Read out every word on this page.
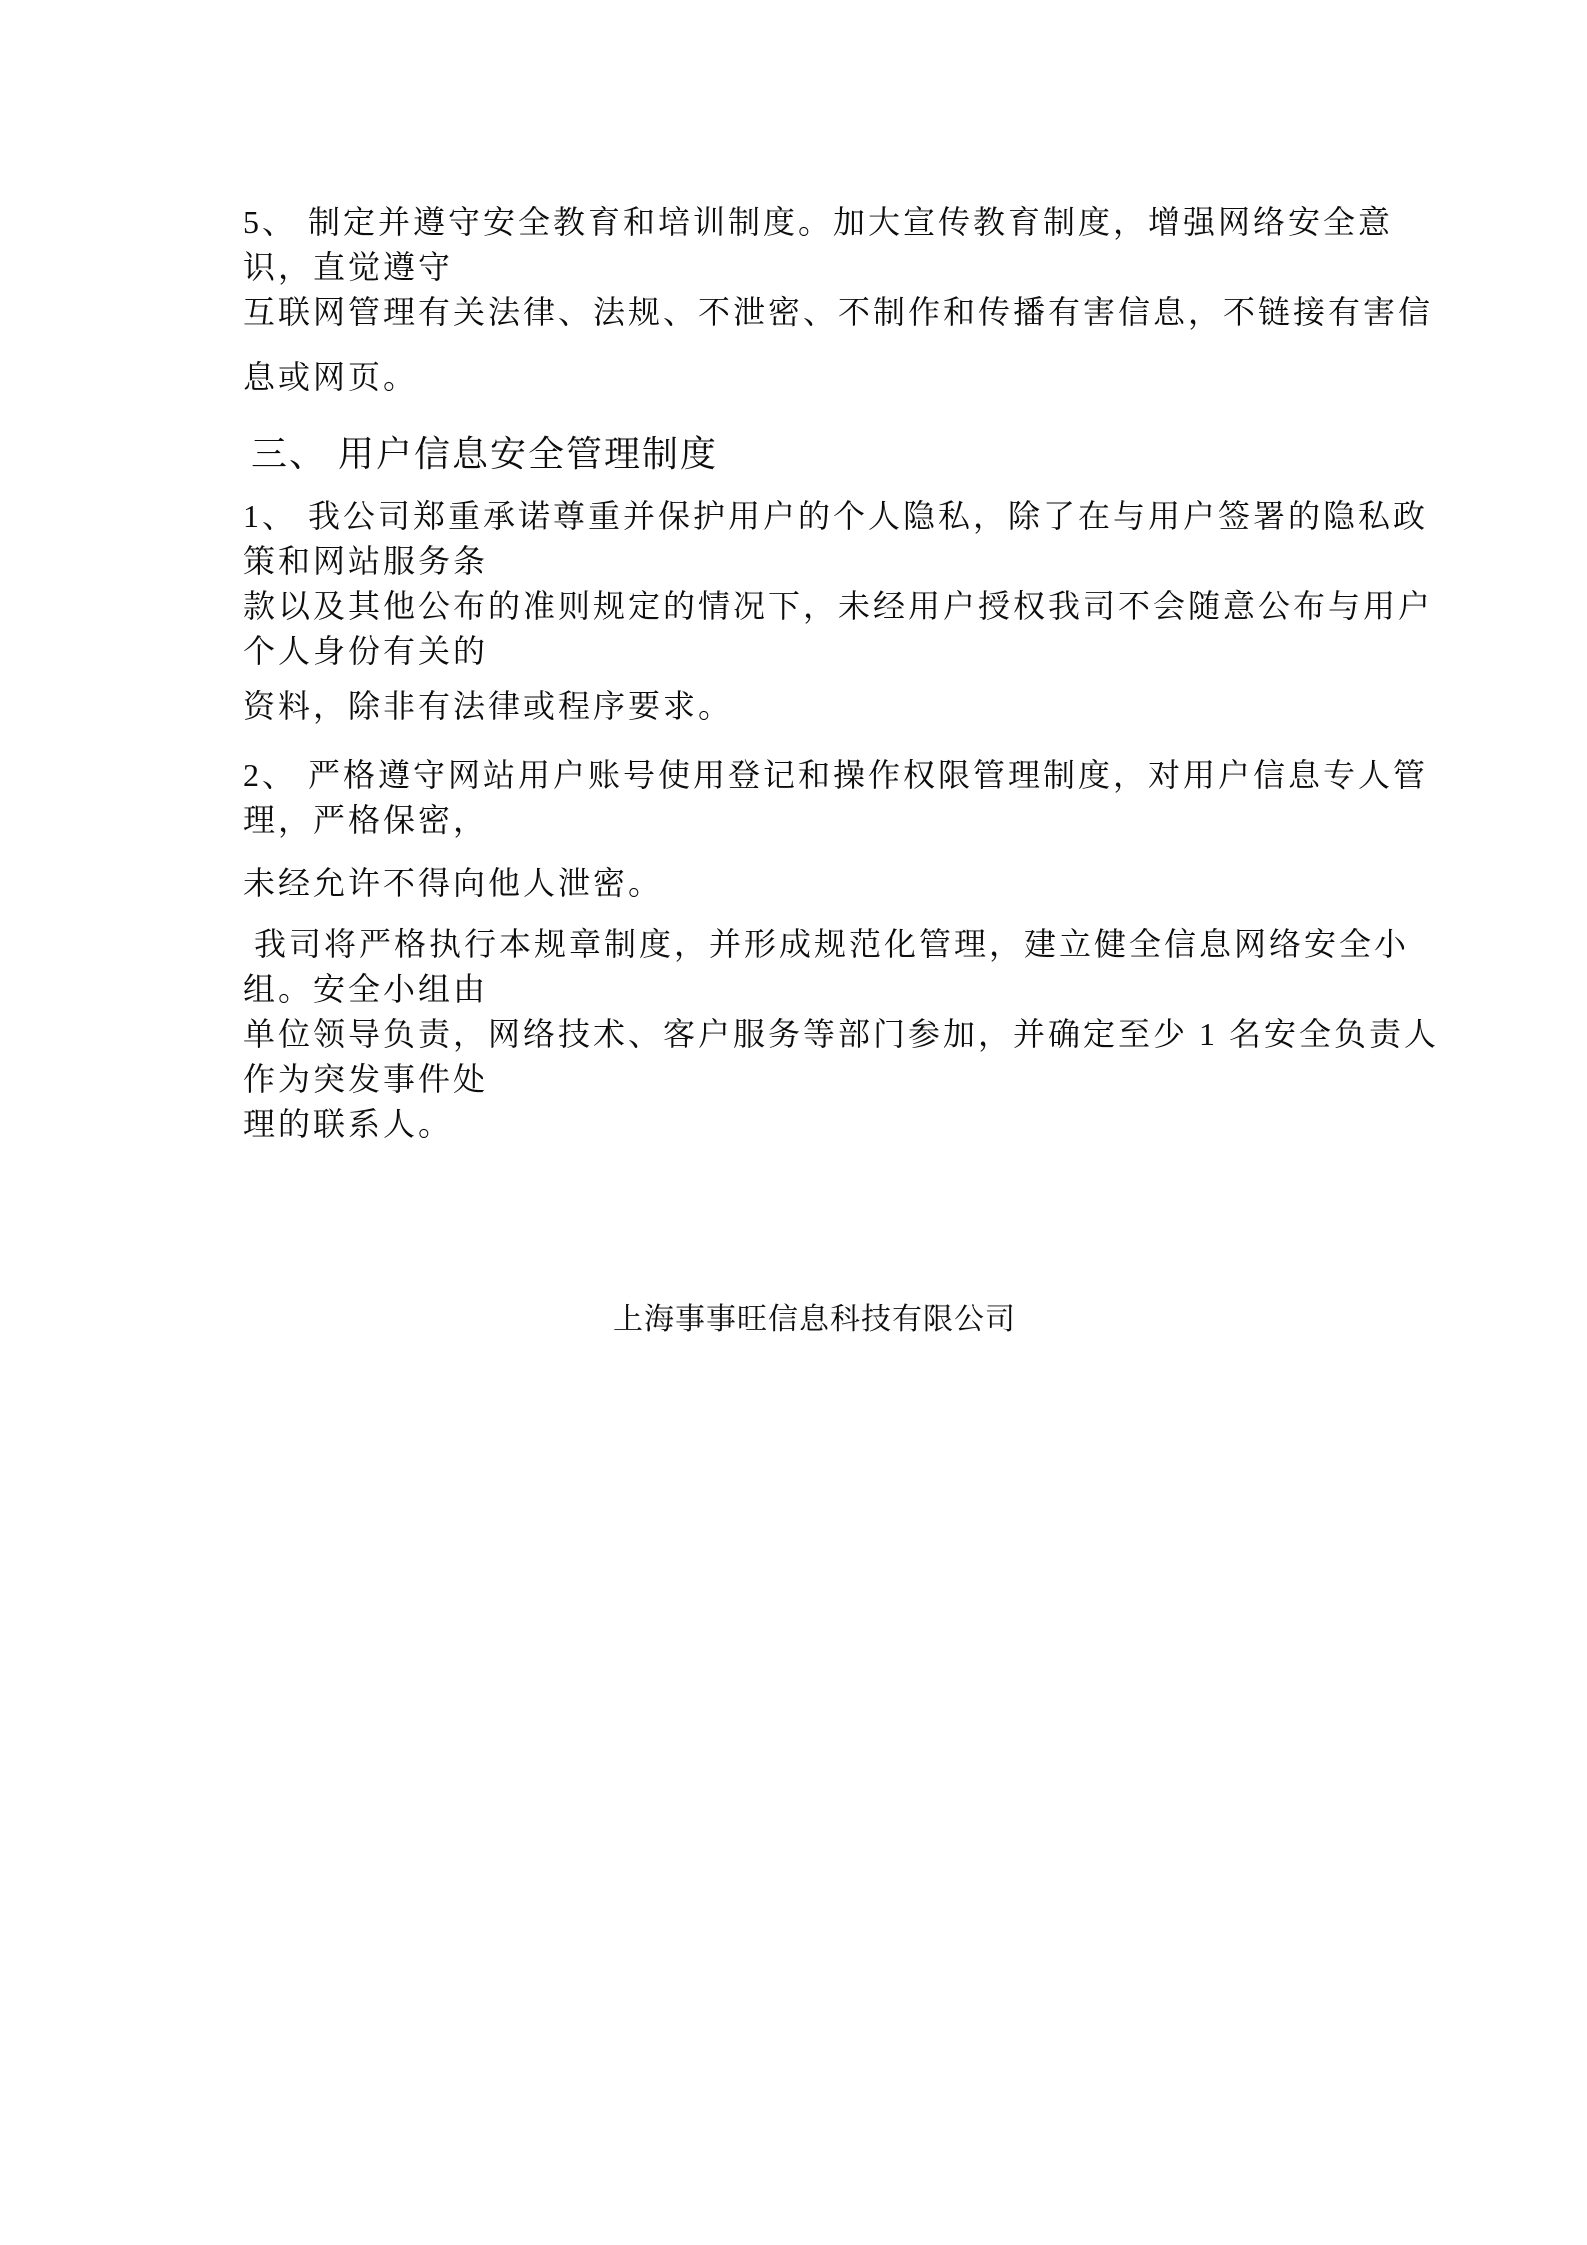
5、 制定并遵守安全教育和培训制度。加大宣传教育制度，增强网络安全意
识，直觉遵守
互联网管理有关法律、法规、不泄密、不制作和传播有害信息，不链接有害信
息或网页。
三、 用户信息安全管理制度
1、 我公司郑重承诺尊重并保护用户的个人隐私，除了在与用户签署的隐私政
策和网站服务条
款以及其他公布的准则规定的情况下，未经用户授权我司不会随意公布与用户
个人身份有关的
资料，除非有法律或程序要求。
2、 严格遵守网站用户账号使用登记和操作权限管理制度，对用户信息专人管
理，严格保密，
未经允许不得向他人泄密。
我司将严格执行本规章制度，并形成规范化管理，建立健全信息网络安全小
组。安全小组由
单位领导负责，网络技术、客户服务等部门参加，并确定至少 1 名安全负责人
作为突发事件处
理的联系人。
上海事事旺信息科技有限公司
